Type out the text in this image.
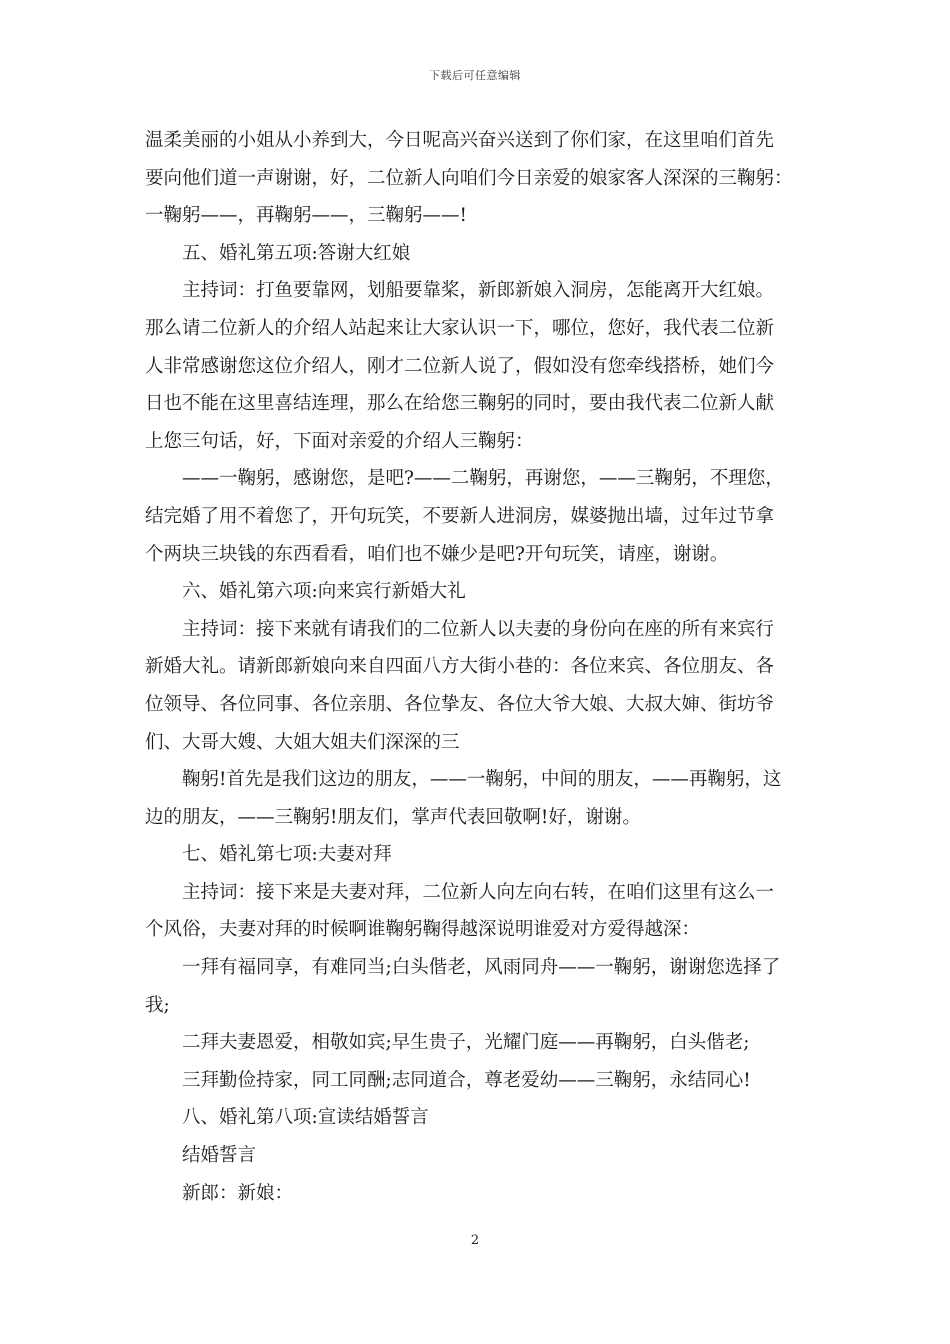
下载后可任意编辑
温柔美丽的小姐从小养到大，今日呢高兴奋兴送到了你们家，在这里咱们首先
要向他们道一声谢谢，好，二位新人向咱们今日亲爱的娘家客人深深的三鞠躬：
一鞠躬——，再鞠躬——，三鞠躬——!
五、婚礼第五项:答谢大红娘
主持词：打鱼要靠网，划船要靠桨，新郎新娘入洞房，怎能离开大红娘。
那么请二位新人的介绍人站起来让大家认识一下，哪位，您好，我代表二位新
人非常感谢您这位介绍人，刚才二位新人说了，假如没有您牵线搭桥，她们今
日也不能在这里喜结连理，那么在给您三鞠躬的同时，要由我代表二位新人献
上您三句话，好，下面对亲爱的介绍人三鞠躬：
——一鞠躬，感谢您，是吧?——二鞠躬，再谢您，——三鞠躬，不理您，
结完婚了用不着您了，开句玩笑，不要新人进洞房，媒婆抛出墙，过年过节拿
个两块三块钱的东西看看，咱们也不嫌少是吧?开句玩笑，请座，谢谢。
六、婚礼第六项:向来宾行新婚大礼
主持词：接下来就有请我们的二位新人以夫妻的身份向在座的所有来宾行
新婚大礼。请新郎新娘向来自四面八方大街小巷的：各位来宾、各位朋友、各
位领导、各位同事、各位亲朋、各位挚友、各位大爷大娘、大叔大婶、街坊爷
们、大哥大嫂、大姐大姐夫们深深的三
鞠躬!首先是我们这边的朋友，——一鞠躬，中间的朋友，——再鞠躬，这
边的朋友，——三鞠躬!朋友们，掌声代表回敬啊!好，谢谢。
七、婚礼第七项:夫妻对拜
主持词：接下来是夫妻对拜，二位新人向左向右转，在咱们这里有这么一
个风俗，夫妻对拜的时候啊谁鞠躬鞠得越深说明谁爱对方爱得越深：
一拜有福同享，有难同当;白头偕老，风雨同舟——一鞠躬，谢谢您选择了
我;
二拜夫妻恩爱，相敬如宾;早生贵子，光耀门庭——再鞠躬，白头偕老;
三拜勤俭持家，同工同酬;志同道合，尊老爱幼——三鞠躬，永结同心!
八、婚礼第八项:宣读结婚誓言
结婚誓言
新郎：新娘：
2
